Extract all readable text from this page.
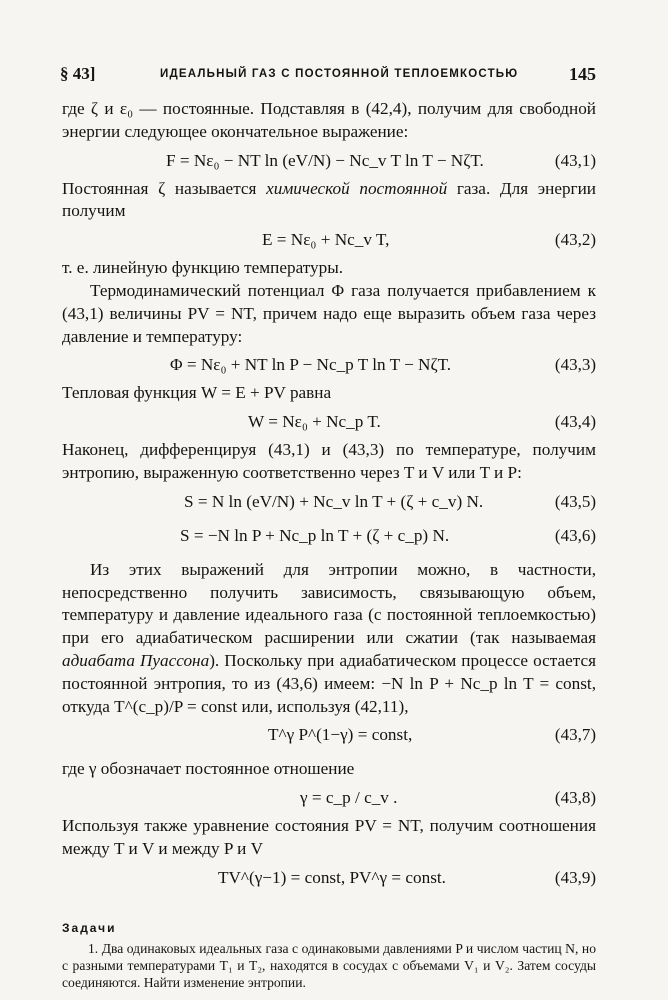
§ 43]	ИДЕАЛЬНЫЙ ГАЗ С ПОСТОЯННОЙ ТЕПЛОЕМКОСТЬЮ	145

где ζ и ε₀ — постоянные. Подставляя в (42,4), получим для свободной энергии следующее окончательное выражение:

F = Nε₀ − NT ln (eV/N) − Nc_v T ln T − NζT.	(43,1)

Постоянная ζ называется химической постоянной газа. Для энергии получим

E = Nε₀ + Nc_v T,	(43,2)

т. е. линейную функцию температуры.

Термодинамический потенциал Φ газа получается прибавлением к (43,1) величины PV = NT, причем надо еще выразить объем газа через давление и температуру:

Φ = Nε₀ + NT ln P − Nc_p T ln T − NζT.	(43,3)

Тепловая функция W = E + PV равна

W = Nε₀ + Nc_p T.	(43,4)

Наконец, дифференцируя (43,1) и (43,3) по температуре, получим энтропию, выраженную соответственно через T и V или T и P:

S = N ln (eV/N) + Nc_v ln T + (ζ + c_v) N.	(43,5)
S = −N ln P + Nc_p ln T + (ζ + c_p) N.	(43,6)

Из этих выражений для энтропии можно, в частности, непосредственно получить зависимость, связывающую объем, температуру и давление идеального газа (с постоянной теплоемкостью) при его адиабатическом расширении или сжатии (так называемая адиабата Пуассона). Поскольку при адиабатическом процессе остается постоянной энтропия, то из (43,6) имеем: −N ln P + Nc_p ln T = const, откуда T^(c_p)/P = const или, используя (42,11),

T^γ P^(1−γ) = const,	(43,7)

где γ обозначает постоянное отношение

γ = c_p / c_v .	(43,8)

Используя также уравнение состояния PV = NT, получим соотношения между T и V и между P и V

TV^(γ−1) = const, PV^γ = const.	(43,9)
Задачи

1. Два одинаковых идеальных газа с одинаковыми давлениями P и числом частиц N, но с разными температурами T₁ и T₂, находятся в сосудах с объемами V₁ и V₂. Затем сосуды соединяются. Найти изменение энтропии.
